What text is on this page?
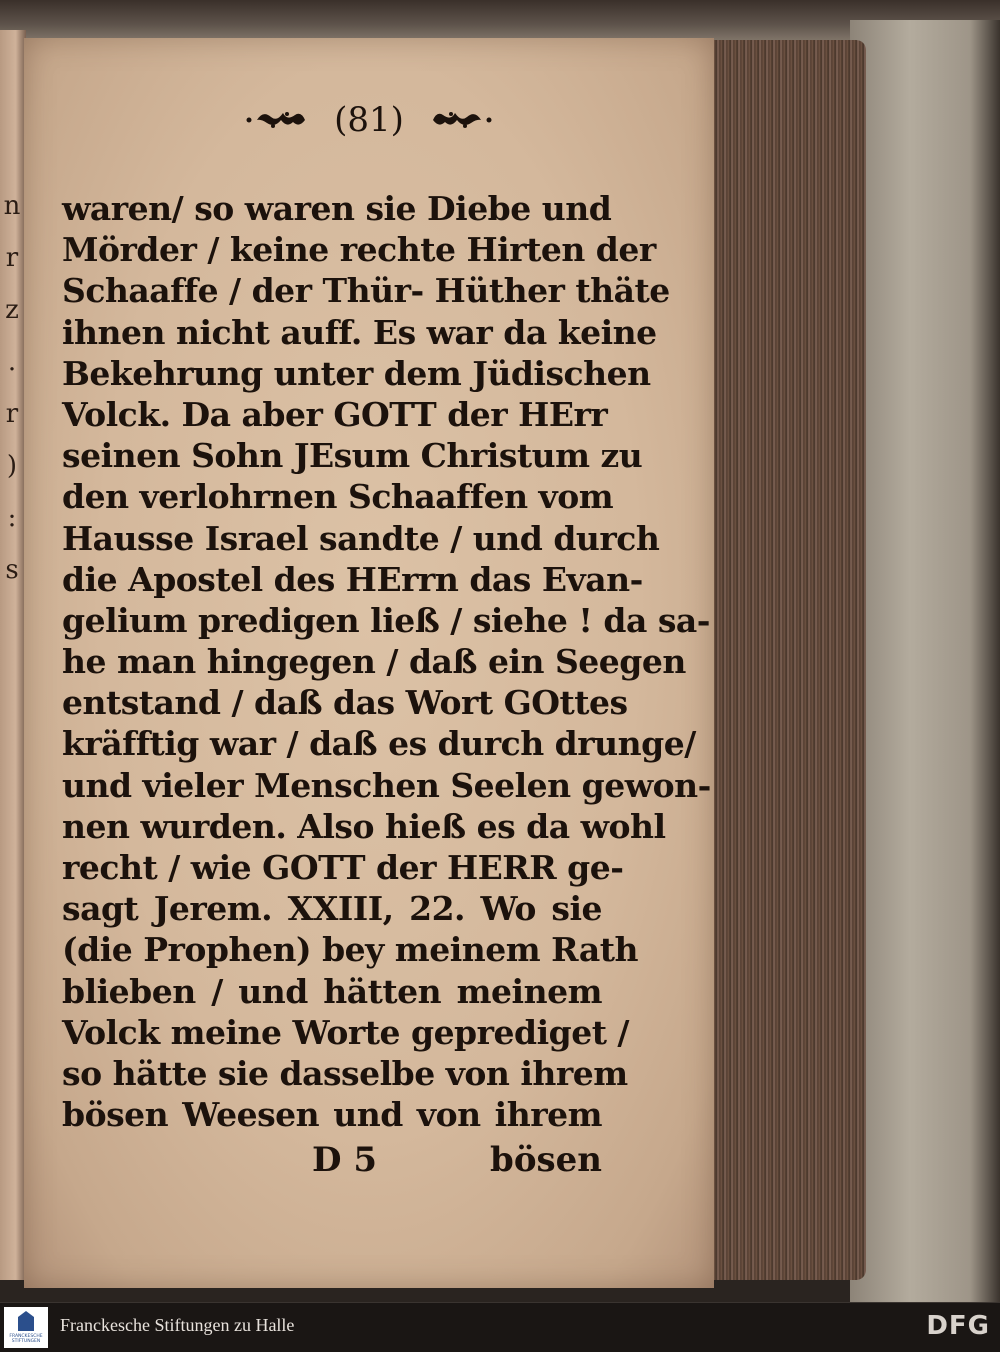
n
r
z
.
r
)
:
s
(81)
waren/ so waren sie Diebe und
Mörder / keine rechte Hirten der
Schaaffe / der Thür- Hüther thäte
ihnen nicht auff. Es war da keine
Bekehrung unter dem Jüdischen
Volck. Da aber GOTT der HErr
seinen Sohn JEsum Christum zu
den verlohrnen Schaaffen vom
Hausse Israel sandte / und durch
die Apostel des HErrn das Evan-
gelium predigen ließ / siehe ! da sa-
he man hingegen / daß ein Seegen
entstand / daß das Wort GOttes
kräfftig war / daß es durch drunge/
und vieler Menschen Seelen gewon-
nen wurden. Also hieß es da wohl
recht / wie GOTT der HERR ge-
sagt Jerem. XXIII, 22. Wo sie
(die Prophen) bey meinem Rath
blieben / und hätten meinem
Volck meine Worte geprediget /
so hätte sie dasselbe von ihrem
bösen Weesen und von ihrem
D 5	bösen
FRANCKESCHE STIFTUNGEN
Franckesche Stiftungen zu Halle	DFG
